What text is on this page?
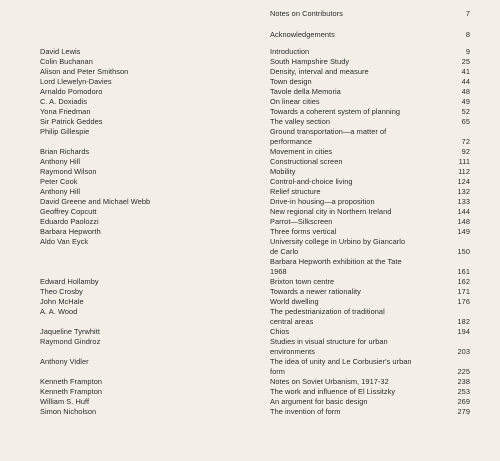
Notes on Contributors	7
Acknowledgements	8
David Lewis	Introduction	9
Colin Buchanan	South Hampshire Study	25
Alison and Peter Smithson	Density, interval and measure	41
Lord Llewelyn-Davies	Town design	44
Arnaldo Pomodoro	Tavole della Memoria	48
C. A. Doxiadis	On linear cities	49
Yona Friedman	Towards a coherent system of planning	52
Sir Patrick Geddes	The valley section	65
Philip Gillespie	Ground transportation—a matter of
performance	72
Brian Richards	Movement in cities	92
Anthony Hill	Constructional screen	111
Raymond Wilson	Mobility	112
Peter Cook	Control-and-choice living	124
Anthony Hill	Relief structure	132
David Greene and Michael Webb	Drive-in housing—a proposition	133
Geoffrey Copcutt	New regional city in Northern Ireland	144
Eduardo Paolozzi	Parrot—Silkscreen	148
Barbara Hepworth	Three forms vertical	149
Aldo Van Eyck	University college in Urbino by Giancarlo
de Carlo	150
Barbara Hepworth exhibition at the Tate
1968	161
Edward Hollamby	Brixton town centre	162
Theo Crosby	Towards a newer rationality	171
John McHale	World dwelling	176
A. A. Wood	The pedestrianization of traditional
central areas	182
Jaqueline Tyrwhitt	Chios	194
Raymond Gindroz	Studies in visual structure for urban
environments	203
Anthony Vidler	The idea of unity and Le Corbusier's urban
form	225
Kenneth Frampton	Notes on Soviet Urbanism, 1917-32	238
Kenneth Frampton	The work and influence of El Lissitzky	253
William S. Huff	An argument for basic design	269
Simon Nicholson	The invention of form	279
